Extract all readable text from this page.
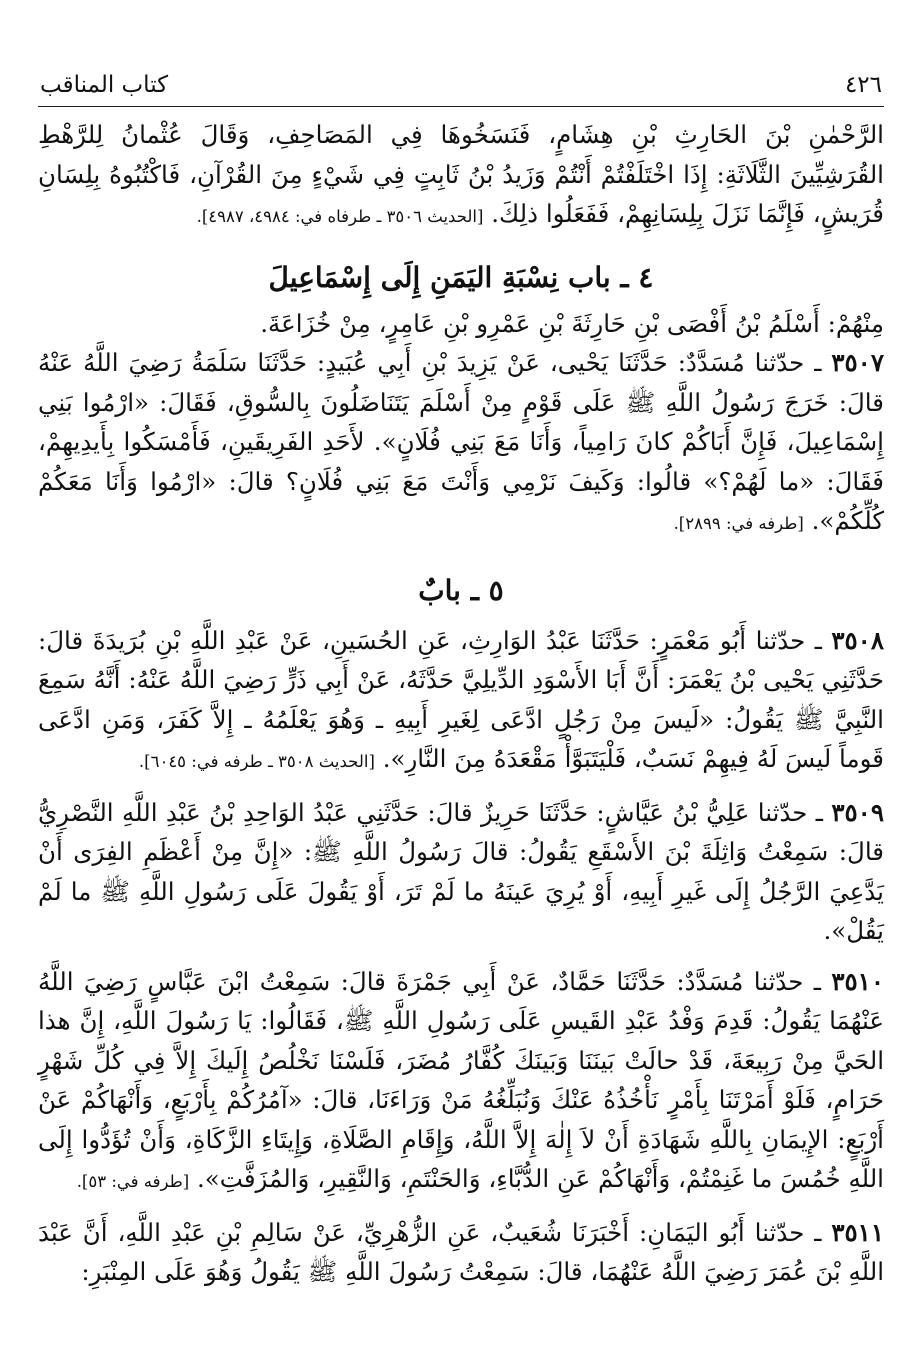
٤٢٦
كتاب المناقب

الرَّحْمٰنِ بْنَ الحَارِثِ بْنِ هِشَامٍ، فَنَسَخُوهَا فِي المَصَاحِفِ، وَقَالَ عُثْمانُ لِلرَّهْطِ القُرَشِيِّينَ الثَّلَاثَةِ: إِذَا اخْتَلَفْتُمْ أَنْتُمْ وَزَيدُ بْنُ ثَابِتٍ فِي شَيْءٍ مِنَ القُرْآنِ، فَاكْتُبُوهُ بِلِسَانِ قُرَيشٍ، فَإِنَّمَا نَزَلَ بِلِسَانِهِمْ، فَفَعَلُوا ذلِكَ. [الحديث ٣٥٠٦ ـ طرفاه في: ٤٩٨٤، ٤٩٨٧].

٤ ـ باب نِسْبَةِ اليَمَنِ إِلَى إِسْمَاعِيلَ

مِنْهُمْ: أَسْلَمُ بْنُ أَفْصَى بْنِ حَارِثَةَ بْنِ عَمْرِو بْنِ عَامِرٍ، مِنْ خُزَاعَةَ.

٣٥٠٧ ـ حدّثنا مُسَدَّدٌ: حَدَّثَنَا يَحْيى، عَنْ يَزِيدَ بْنِ أَبِي عُبَيدٍ: حَدَّثَنَا سَلَمَةُ رَضِيَ اللَّهُ عَنْهُ قالَ: خَرَجَ رَسُولُ اللَّهِ ﷺ عَلَى قَوْمٍ مِنْ أَسْلَمَ يَتَنَاضَلُونَ بِالسُّوقِ، فَقَالَ: «ارْمُوا بَنِي إِسْمَاعِيلَ، فَإِنَّ أَبَاكُمْ كانَ رَامِياً، وَأَنَا مَعَ بَنِي فُلَانٍ». لأَحَدِ الفَرِيقَينِ، فَأَمْسَكُوا بِأَيدِيهِمْ، فَقَالَ: «ما لَهُمْ؟» قالُوا: وَكَيفَ نَرْمِي وَأَنْتَ مَعَ بَنِي فُلَانٍ؟ قالَ: «ارْمُوا وَأَنَا مَعَكُمْ كُلِّكُمْ». [طرفه في: ٢٨٩٩].

٥ ـ بابٌ

٣٥٠٨ ـ حدّثنا أَبُو مَعْمَرٍ: حَدَّثَنَا عَبْدُ الوَارِثِ، عَنِ الحُسَينِ، عَنْ عَبْدِ اللَّهِ بْنِ بُرَيدَةَ قالَ: حَدَّثَنِي يَحْيى بْنُ يَعْمَرَ: أَنَّ أَبَا الأَسْوَدِ الدِّيلِيَّ حَدَّثَهُ، عَنْ أَبِي ذَرٍّ رَضِيَ اللَّهُ عَنْهُ: أَنَّهُ سَمِعَ النَّبِيَّ ﷺ يَقُولُ: «لَيسَ مِنْ رَجُلٍ ادَّعَى لِغَيرِ أَبِيهِ ـ وَهُوَ يَعْلَمُهُ ـ إِلاَّ كَفَرَ، وَمَنِ ادَّعَى قَوماً لَيسَ لَهُ فِيهِمْ نَسَبٌ، فَلْيَتَبَوَّأْ مَقْعَدَهُ مِنَ النَّارِ». [الحديث ٣٥٠٨ ـ طرفه في: ٦٠٤٥].

٣٥٠٩ ـ حدّثنا عَلِيُّ بْنُ عَيَّاشٍ: حَدَّثَنَا حَرِيزٌ قالَ: حَدَّثَنِي عَبْدُ الوَاحِدِ بْنُ عَبْدِ اللَّهِ النَّصْرِيُّ قالَ: سَمِعْتُ وَاثِلَةَ بْنَ الأَسْقَعِ يَقُولُ: قالَ رَسُولُ اللَّهِ ﷺ: «إِنَّ مِنْ أَعْظَمِ الفِرَى أَنْ يَدَّعِيَ الرَّجُلُ إِلَى غَيرِ أَبِيهِ، أَوْ يُرِيَ عَينَهُ ما لَمْ تَرَ، أَوْ يَقُولَ عَلَى رَسُولِ اللَّهِ ﷺ ما لَمْ يَقُلْ».

٣٥١٠ ـ حدّثنا مُسَدَّدٌ: حَدَّثَنَا حَمَّادٌ، عَنْ أَبِي جَمْرَةَ قالَ: سَمِعْتُ ابْنَ عَبَّاسٍ رَضِيَ اللَّهُ عَنْهُمَا يَقُولُ: قَدِمَ وَفْدُ عَبْدِ القَيسِ عَلَى رَسُولِ اللَّهِ ﷺ، فَقَالُوا: يَا رَسُولَ اللَّهِ، إِنَّ هذا الحَيَّ مِنْ رَبِيعَةَ، قَدْ حالَتْ بَينَنَا وَبَينَكَ كُفَّارُ مُضَرَ، فَلَسْنَا نَخْلُصُ إِلَيكَ إِلاَّ فِي كُلِّ شَهْرٍ حَرَامٍ، فَلَوْ أَمَرْتَنَا بِأَمْرٍ نَأْخُذُهُ عَنْكَ وَنُبَلِّغُهُ مَنْ وَرَاءَنَا، قالَ: «آمُرُكُمْ بِأَرْبَعٍ، وَأَنْهَاكُمْ عَنْ أَرْبَعٍ: الإِيمَانِ بِاللَّهِ شَهَادَةِ أَنْ لاَ إِلٰهَ إِلاَّ اللَّهُ، وَإِقَامِ الصَّلَاةِ، وَإِيتَاءِ الزَّكَاةِ، وَأَنْ تُؤَدُّوا إِلَى اللَّهِ خُمُسَ ما غَنِمْتُمْ، وَأَنْهَاكُمْ عَنِ الدُّبَّاءِ، وَالحَنْتَمِ، وَالنَّقِيرِ، وَالمُزَفَّتِ». [طرفه في: ٥٣].

٣٥١١ ـ حدّثنا أَبُو اليَمَانِ: أَخْبَرَنَا شُعَيبٌ، عَنِ الزُّهْرِيِّ، عَنْ سَالِمِ بْنِ عَبْدِ اللَّهِ، أَنَّ عَبْدَ اللَّهِ بْنَ عُمَرَ رَضِيَ اللَّهُ عَنْهُمَا، قالَ: سَمِعْتُ رَسُولَ اللَّهِ ﷺ يَقُولُ وَهُوَ عَلَى المِنْبَرِ:
